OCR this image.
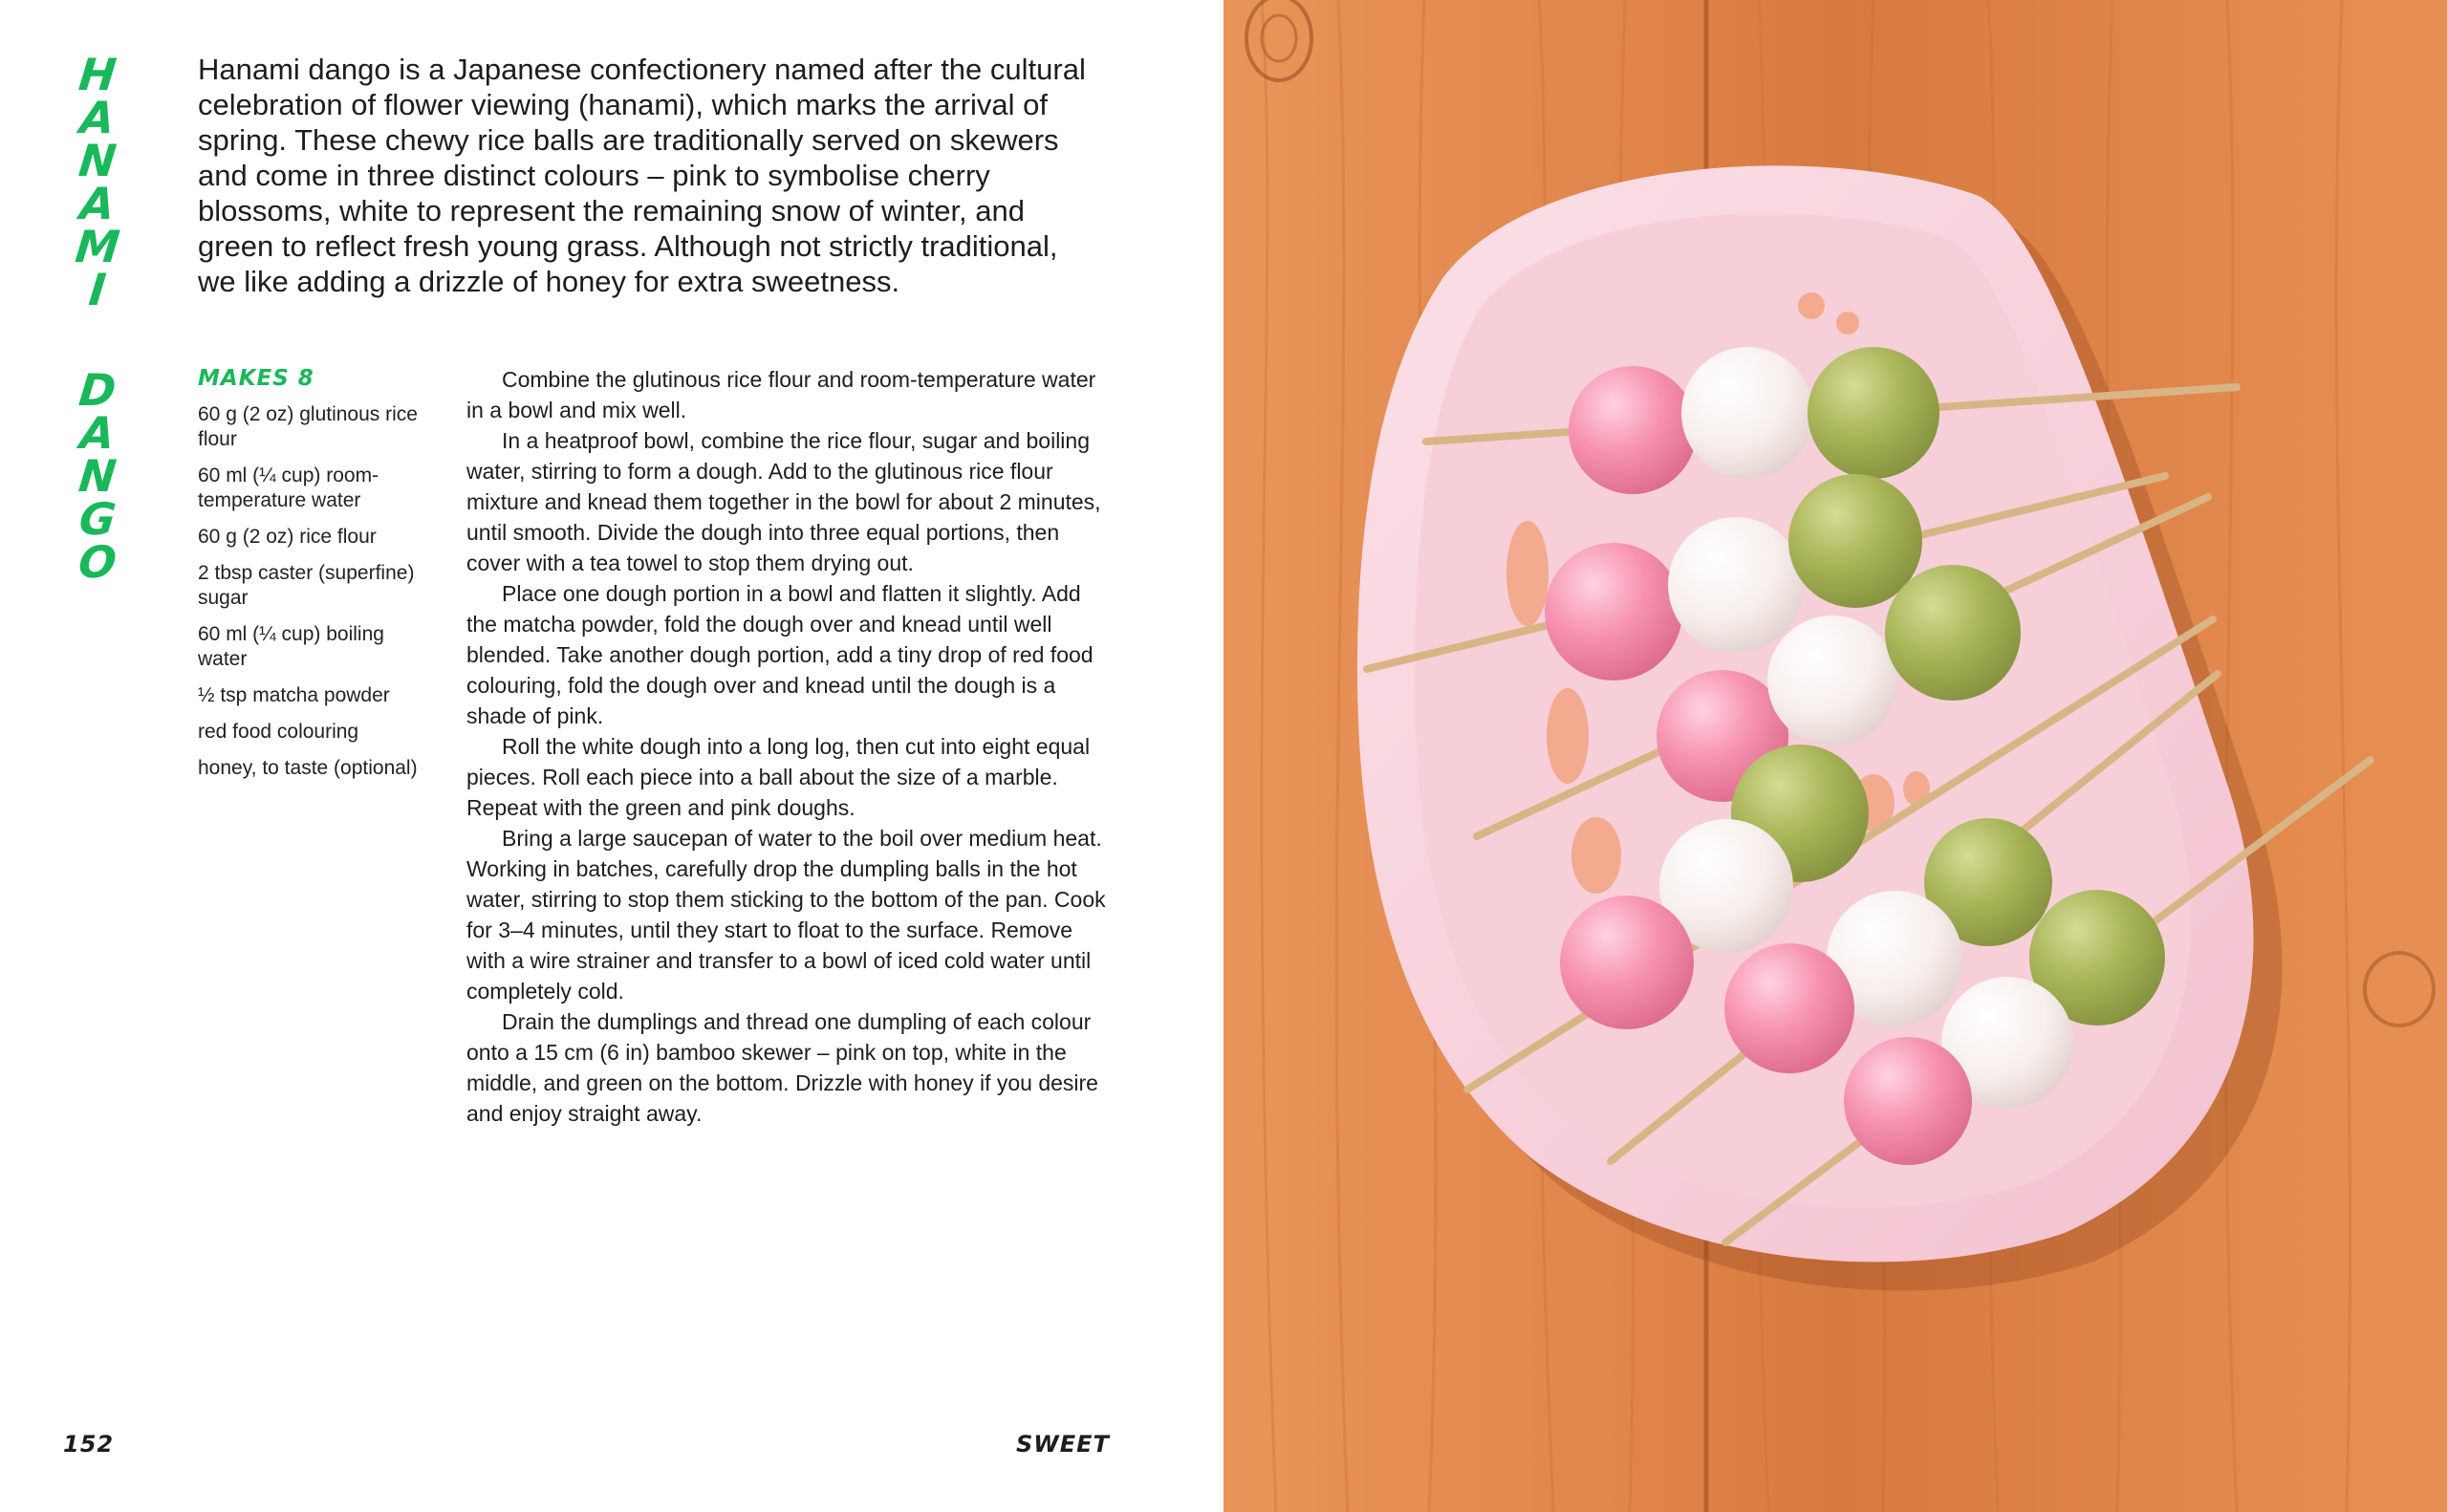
H
A
N
A
M
I
D
A
N
G
O

Hanami dango is a Japanese confectionery named after the cultural celebration of flower viewing (hanami), which marks the arrival of spring. These chewy rice balls are traditionally served on skewers and come in three distinct colours – pink to symbolise cherry blossoms, white to represent the remaining snow of winter, and green to reflect fresh young grass. Although not strictly traditional, we like adding a drizzle of honey for extra sweetness.

MAKES 8
60 g (2 oz) glutinous rice flour
60 ml (¼ cup) room-temperature water
60 g (2 oz) rice flour
2 tbsp caster (superfine) sugar
60 ml (¼ cup) boiling water
½ tsp matcha powder
red food colouring
honey, to taste (optional)

Combine the glutinous rice flour and room-temperature water in a bowl and mix well.

In a heatproof bowl, combine the rice flour, sugar and boiling water, stirring to form a dough. Add to the glutinous rice flour mixture and knead them together in the bowl for about 2 minutes, until smooth. Divide the dough into three equal portions, then cover with a tea towel to stop them drying out.

Place one dough portion in a bowl and flatten it slightly. Add the matcha powder, fold the dough over and knead until well blended. Take another dough portion, add a tiny drop of red food colouring, fold the dough over and knead until the dough is a shade of pink.

Roll the white dough into a long log, then cut into eight equal pieces. Roll each piece into a ball about the size of a marble. Repeat with the green and pink doughs.

Bring a large saucepan of water to the boil over medium heat. Working in batches, carefully drop the dumpling balls in the hot water, stirring to stop them sticking to the bottom of the pan. Cook for 3–4 minutes, until they start to float to the surface. Remove with a wire strainer and transfer to a bowl of iced cold water until completely cold.

Drain the dumplings and thread one dumpling of each colour onto a 15 cm (6 in) bamboo skewer – pink on top, white in the middle, and green on the bottom. Drizzle with honey if you desire and enjoy straight away.

152	SWEET
